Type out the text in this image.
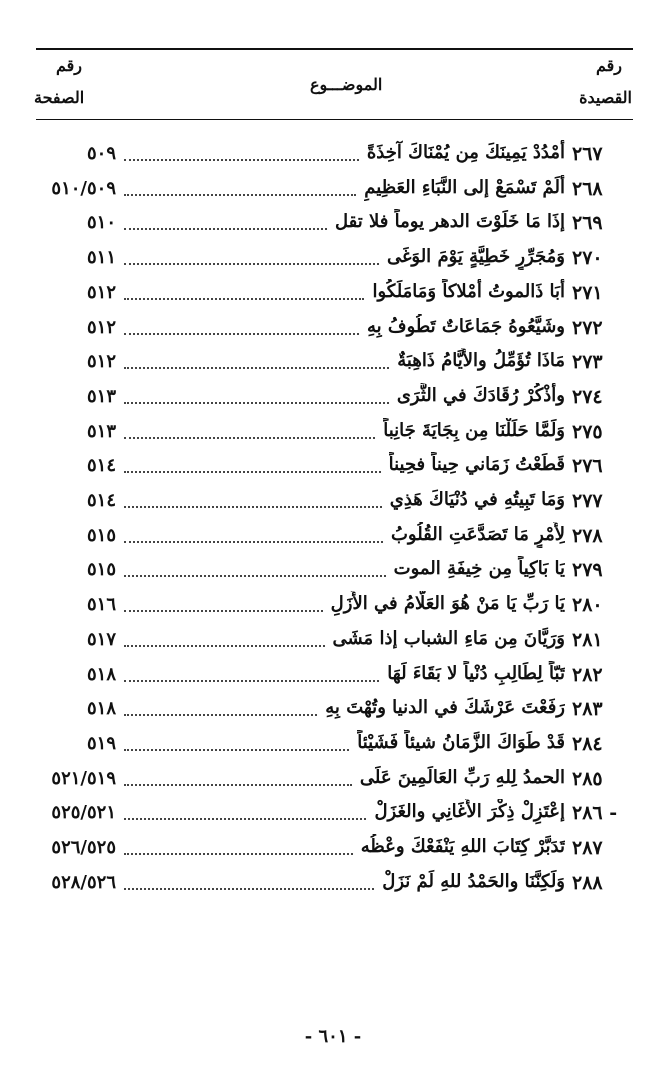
رقم
القصيدة
الموضـــوع
رقم
الصفحة
٢٦٧
أَمْدُدْ يَمِينَكَ مِن يُمْنَاكَ آخِذَةً
٥٠٩
٢٦٨
أَلَمْ تَسْمَعْ إلى النَّبَاءِ العَظِيمِ
٥١٠/٥٠٩
٢٦٩
إذَا مَا خَلَوْتَ الدهر يوماً فلا تقل
٥١٠
٢٧٠
وَمُجَرِّرٍ خَطِيَّةٍ يَوْمَ الوَغَى
٥١١
٢٧١
أَبَا ذَالموتُ أَمْلاكاً وَمَامَلَكُوا
٥١٢
٢٧٢
وشَيَّعُوهُ جَمَاعَاتٌ تَطُوفُ بِهِ
٥١٢
٢٧٣
مَاذَا تُؤَمِّلُ والأَيَّامُ ذَاهِبَةٌ
٥١٢
٢٧٤
وأَذْكُرْ رُقَادَكَ في الثَّرَى
٥١٣
٢٧٥
وَلَمَّا حَلَلْنَا مِن بِجَايَةَ جَانِباً
٥١٣
٢٧٦
قَطَعْتُ زَمَاني حِيناً فحِيناً
٥١٤
٢٧٧
وَمَا تَبِيتُهِ في دُنْيَاكَ هَذِي
٥١٤
٢٧٨
لِأَمْرٍ مَا تَصَدَّعَتِ القُلُوبُ
٥١٥
٢٧٩
يَا بَاكِياً مِن خِيفَةِ الموت
٥١٥
٢٨٠
يَا رَبِّ يَا مَنْ هُوَ العَلَّامُ في الأَزَلِ
٥١٦
٢٨١
وَرَيَّانَ مِن مَاءِ الشباب إذا مَشَى
٥١٧
٢٨٢
تَبّاً لِطَالِبِ دُنْياً لا بَقَاءَ لَهَا
٥١٨
٢٨٣
رَفَعْتَ عَرْشَكَ في الدنيا وتُهْتَ بِهِ
٥١٨
٢٨٤
قَدْ طَوَاكَ الزَّمَانُ شيئاً فَشَيْئاً
٥١٩
٢٨٥
الحمدُ لِلهِ رَبِّ العَالَمِينَ عَلَى
٥٢١/٥١٩
٢٨٦ -
إعْتَزِلْ ذِكْرَ الأَغَانِي والغَزَلْ
٥٢٥/٥٢١
٢٨٧
تَدَبَّرْ كِتَابَ اللهِ يَنْفَعْكَ وعْظُه
٥٢٦/٥٢٥
٢٨٨
وَلَكِنَّنَا والحَمْدُ للهِ لَمْ نَزَلْ
٥٢٨/٥٢٦
- ٦٠١ -
